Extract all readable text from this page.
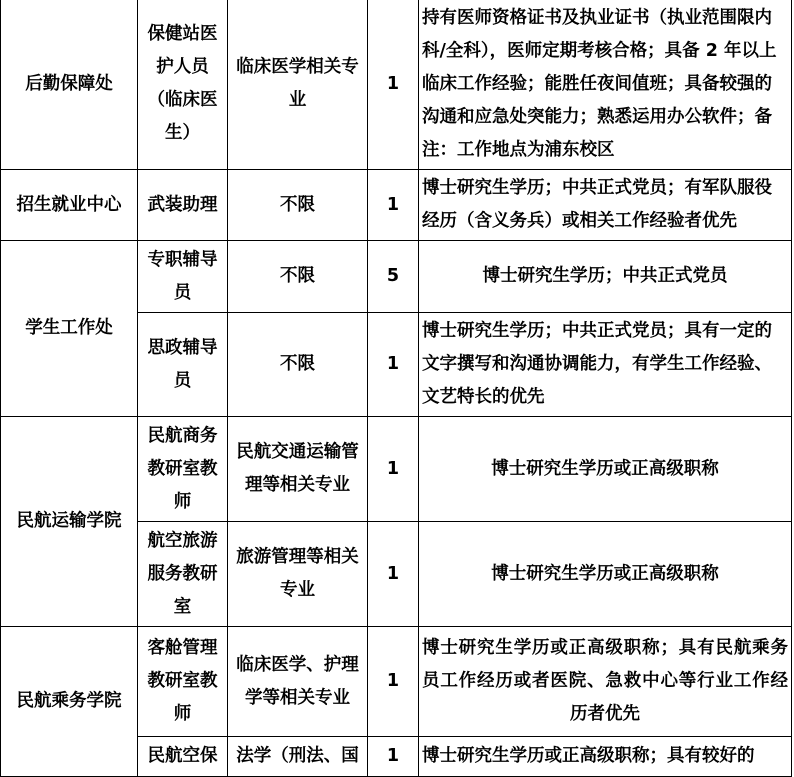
后勤保障处	保健站医护人员（临床医生）	临床医学相关专业	1	持有医师资格证书及执业证书（执业范围限内科/全科），医师定期考核合格；具备 2 年以上临床工作经验；能胜任夜间值班；具备较强的沟通和应急处突能力；熟悉运用办公软件；备注：工作地点为浦东校区
招生就业中心	武装助理	不限	1	博士研究生学历；中共正式党员；有军队服役经历（含义务兵）或相关工作经验者优先
学生工作处	专职辅导员	不限	5	博士研究生学历；中共正式党员
	思政辅导员	不限	1	博士研究生学历；中共正式党员；具有一定的文字撰写和沟通协调能力，有学生工作经验、文艺特长的优先
民航运输学院	民航商务教研室教师	民航交通运输管理等相关专业	1	博士研究生学历或正高级职称
	航空旅游服务教研室	旅游管理等相关专业	1	博士研究生学历或正高级职称
民航乘务学院	客舱管理教研室教师	临床医学、护理学等相关专业	1	博士研究生学历或正高级职称；具有民航乘务员工作经历或者医院、急救中心等行业工作经历者优先
	民航空保	法学（刑法、国	1	博士研究生学历或正高级职称；具有较好的
